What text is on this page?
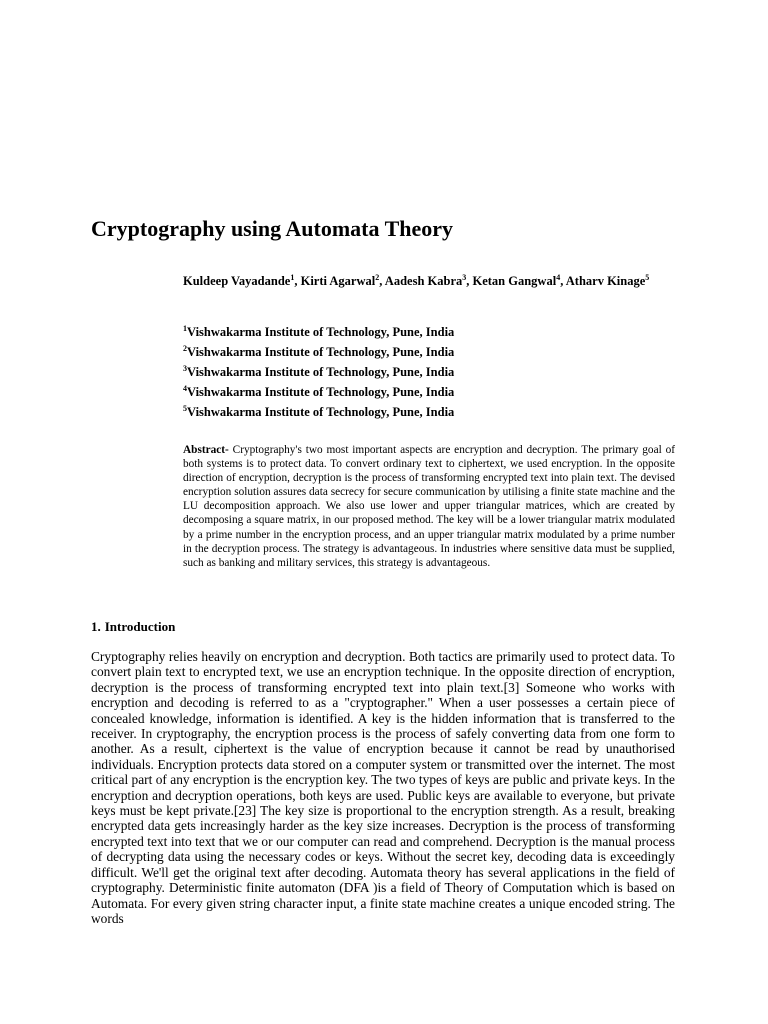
Cryptography using Automata Theory
Kuldeep Vayadande$^1$, Kirti Agarwal$^2$, Aadesh Kabra$^3$, Ketan Gangwal$^4$, Atharv Kinage$^5$
$^1$Vishwakarma Institute of Technology, Pune, India
$^2$Vishwakarma Institute of Technology, Pune, India
$^3$Vishwakarma Institute of Technology, Pune, India
$^4$Vishwakarma Institute of Technology, Pune, India
$^5$Vishwakarma Institute of Technology, Pune, India
Abstract- Cryptography's two most important aspects are encryption and decryption. The primary goal of both systems is to protect data. To convert ordinary text to ciphertext, we used encryption. In the opposite direction of encryption, decryption is the process of transforming encrypted text into plain text. The devised encryption solution assures data secrecy for secure communication by utilising a finite state machine and the LU decomposition approach. We also use lower and upper triangular matrices, which are created by decomposing a square matrix, in our proposed method. The key will be a lower triangular matrix modulated by a prime number in the encryption process, and an upper triangular matrix modulated by a prime number in the decryption process. The strategy is advantageous. In industries where sensitive data must be supplied, such as banking and military services, this strategy is advantageous.
1. Introduction
Cryptography relies heavily on encryption and decryption. Both tactics are primarily used to protect data. To convert plain text to encrypted text, we use an encryption technique. In the opposite direction of encryption, decryption is the process of transforming encrypted text into plain text.[3] Someone who works with encryption and decoding is referred to as a "cryptographer." When a user possesses a certain piece of concealed knowledge, information is identified. A key is the hidden information that is transferred to the receiver. In cryptography, the encryption process is the process of safely converting data from one form to another. As a result, ciphertext is the value of encryption because it cannot be read by unauthorised individuals. Encryption protects data stored on a computer system or transmitted over the internet. The most critical part of any encryption is the encryption key. The two types of keys are public and private keys. In the encryption and decryption operations, both keys are used. Public keys are available to everyone, but private keys must be kept private.[23] The key size is proportional to the encryption strength. As a result, breaking encrypted data gets increasingly harder as the key size increases. Decryption is the process of transforming encrypted text into text that we or our computer can read and comprehend. Decryption is the manual process of decrypting data using the necessary codes or keys. Without the secret key, decoding data is exceedingly difficult. We'll get the original text after decoding. Automata theory has several applications in the field of cryptography. Deterministic finite automaton (DFA )is a field of Theory of Computation which is based on Automata. For every given string character input, a finite state machine creates a unique encoded string. The words
